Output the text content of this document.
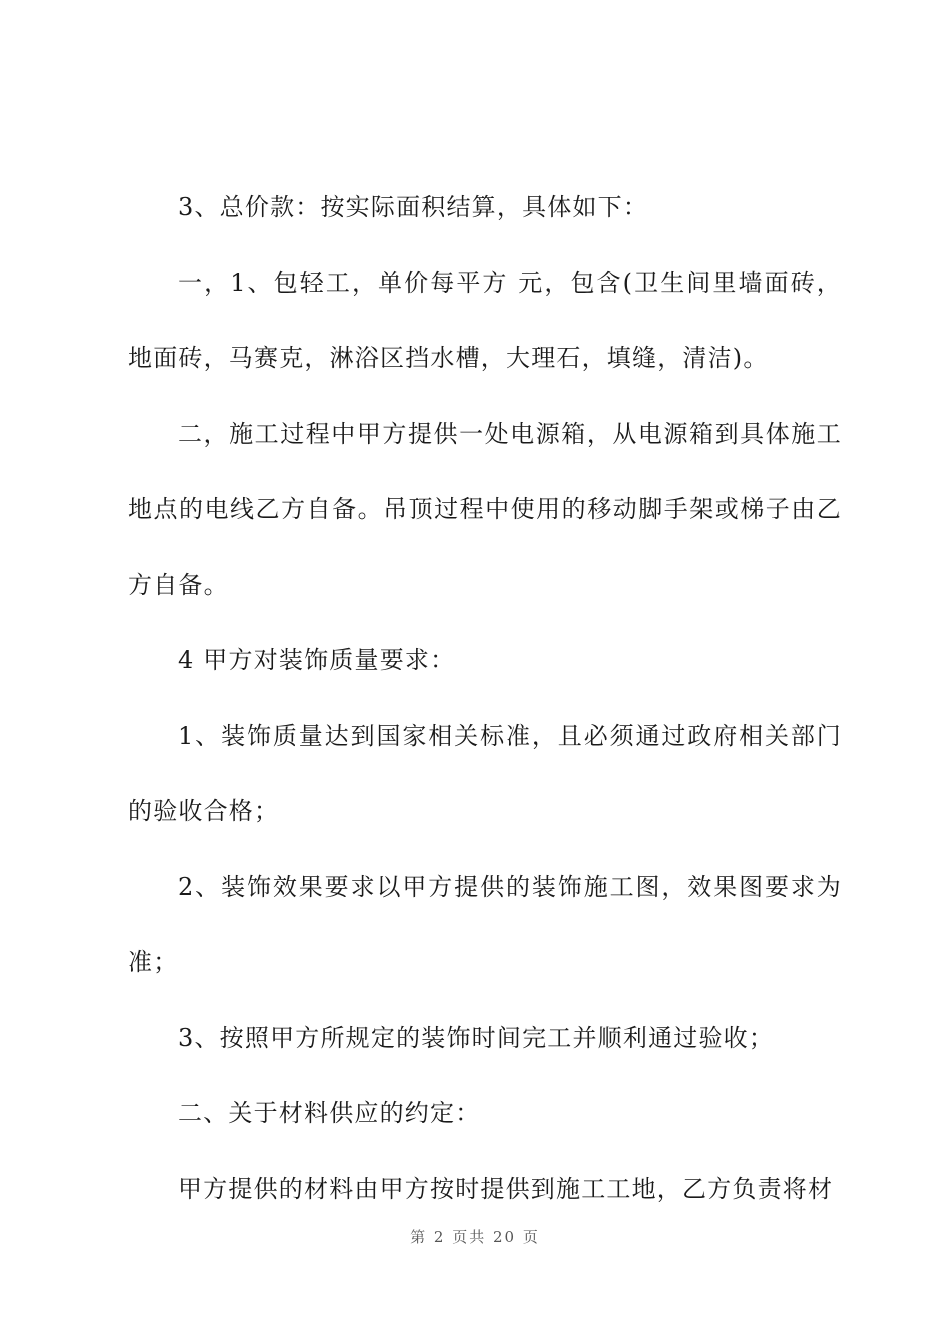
3、总价款：按实际面积结算，具体如下：

一，1、包轻工，单价每平方 元，包含(卫生间里墙面砖，地面砖，马赛克，淋浴区挡水槽，大理石，填缝，清洁)。

二，施工过程中甲方提供一处电源箱，从电源箱到具体施工地点的电线乙方自备。吊顶过程中使用的移动脚手架或梯子由乙方自备。

4 甲方对装饰质量要求：

1、装饰质量达到国家相关标准，且必须通过政府相关部门的验收合格；

2、装饰效果要求以甲方提供的装饰施工图，效果图要求为准；

3、按照甲方所规定的装饰时间完工并顺利通过验收；

二、关于材料供应的约定：

甲方提供的材料由甲方按时提供到施工工地，乙方负责将材

第 2 页共 20 页
